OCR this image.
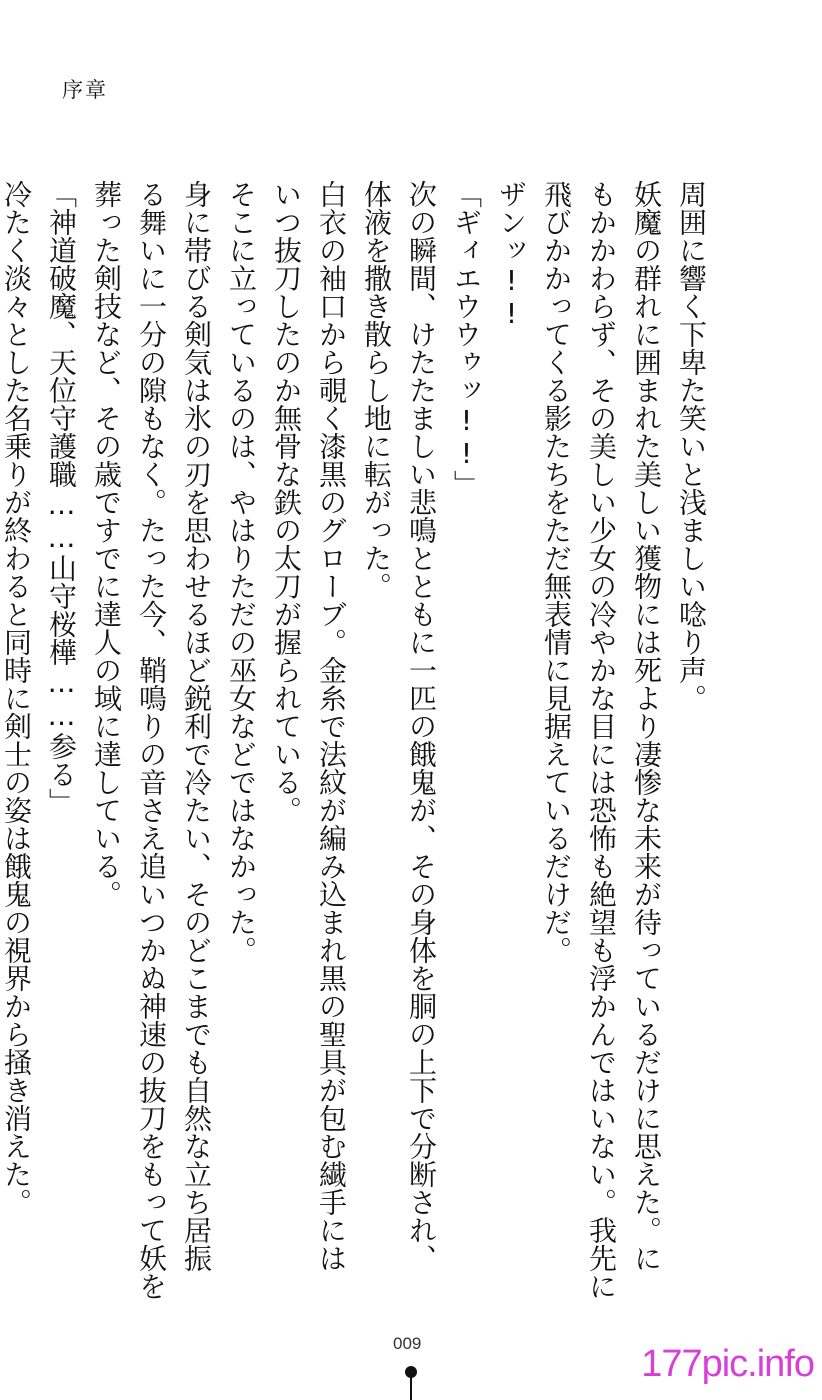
序章
周囲に響く下卑た笑いと浅ましい唸り声。
妖魔の群れに囲まれた美しい獲物には死より凄惨な未来が待っているだけに思えた。に
もかかわらず、その美しい少女の冷やかな目には恐怖も絶望も浮かんではいない。我先に
飛びかかってくる影たちをただ無表情に見据えているだけだ。
ザンッ!!
「ギィエウウゥッ!!」
次の瞬間、けたたましい悲鳴とともに一匹の餓鬼が、その身体を胴の上下で分断され、
体液を撒き散らし地に転がった。
白衣の袖口から覗く漆黒のグローブ。金糸で法紋が編み込まれ黒の聖具が包む繊手には
いつ抜刀したのか無骨な鉄の太刀が握られている。
そこに立っているのは、やはりただの巫女などではなかった。
身に帯びる剣気は氷の刃を思わせるほど鋭利で冷たい、そのどこまでも自然な立ち居振
る舞いに一分の隙もなく。たった今、鞘鳴りの音さえ追いつかぬ神速の抜刀をもって妖を
葬った剣技など、その歳ですでに達人の域に達している。
「神道破魔、天位守護職……山守桜樺……参る」
冷たく淡々とした名乗りが終わると同時に剣士の姿は餓鬼の視界から掻き消えた。
009	177pic.info
